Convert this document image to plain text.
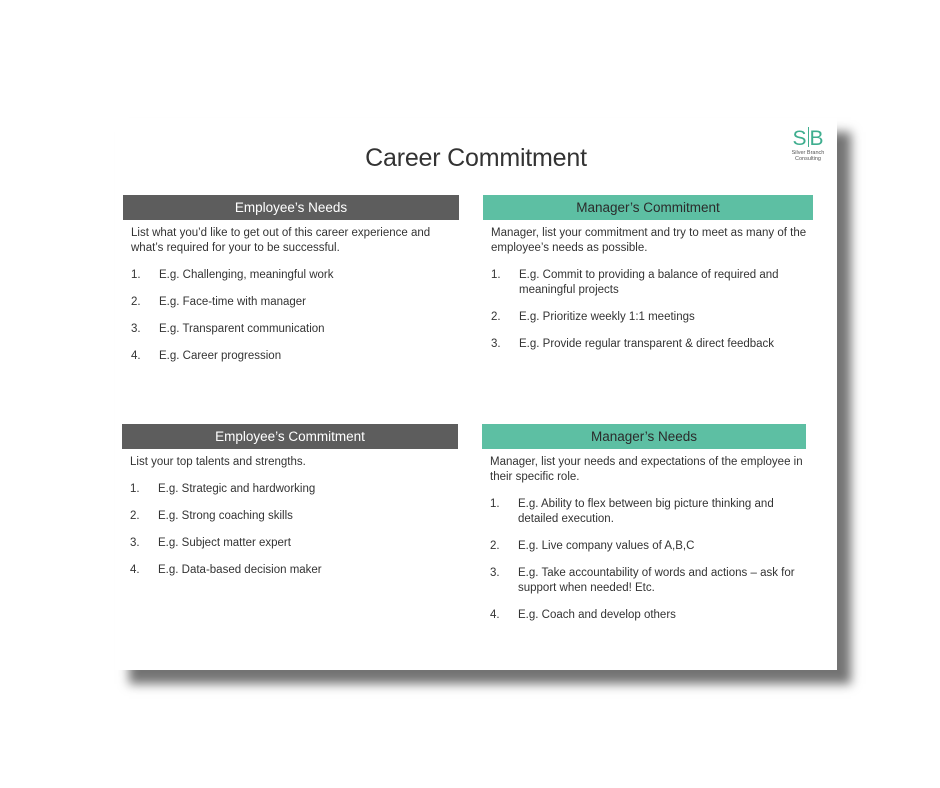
Career Commitment
S B
Silver Branch
Consulting
Employee’s Needs
List what you’d like to get out of this career experience and what’s required for your to be successful.
1.	E.g. Challenging, meaningful work
2.	E.g. Face-time with manager
3.	E.g. Transparent communication
4.	E.g. Career progression
Manager’s Commitment
Manager, list your commitment and try to meet as many of the employee’s needs as possible.
1.	E.g. Commit to providing a balance of required and meaningful projects
2.	E.g. Prioritize weekly 1:1 meetings
3.	E.g. Provide regular transparent & direct feedback
Employee’s Commitment
List your top talents and strengths.
1.	E.g. Strategic and hardworking
2.	E.g. Strong coaching skills
3.	E.g. Subject matter expert
4.	E.g. Data-based decision maker
Manager’s Needs
Manager, list your needs and expectations of the employee in their specific role.
1.	E.g. Ability to flex between big picture thinking and detailed execution.
2.	E.g. Live company values of A,B,C
3.	E.g. Take accountability of words and actions – ask for support when needed! Etc.
4.	E.g. Coach and develop others
